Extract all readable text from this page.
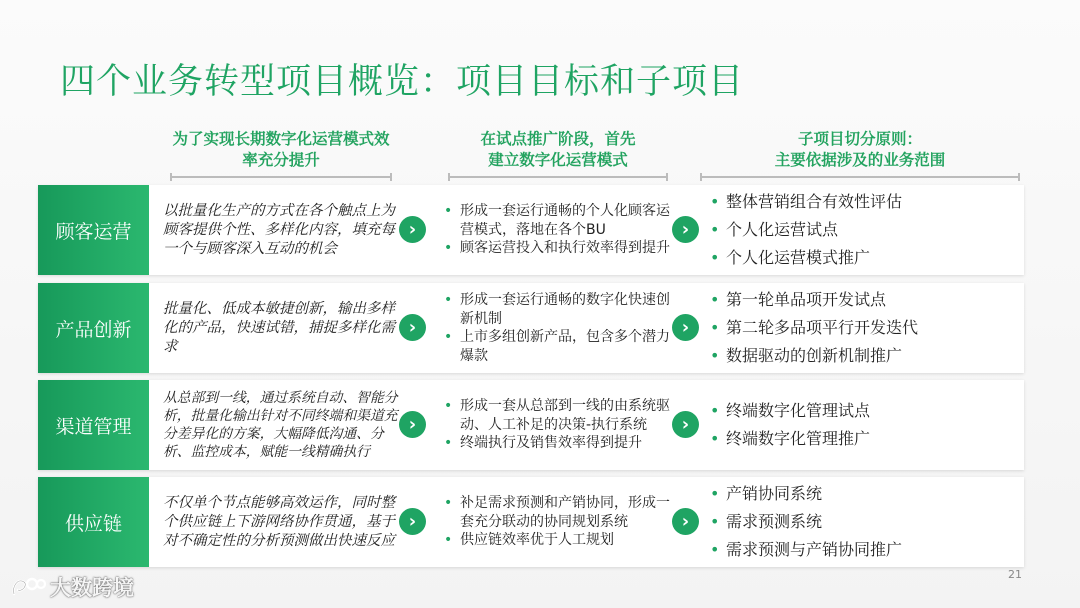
四个业务转型项目概览：项目目标和子项目
为了实现长期数字化运营模式效
率充分提升
在试点推广阶段，首先
建立数字化运营模式
子项目切分原则：
主要依据涉及的业务范围
顾客运营
以批量化生产的方式在各个触点上为顾客提供个性、多样化内容，填充每一个与顾客深入互动的机会
›
• 形成一套运行通畅的个人化顾客运营模式，落地在各个BU
• 顾客运营投入和执行效率得到提升
›
• 整体营销组合有效性评估
• 个人化运营试点
• 个人化运营模式推广
产品创新
批量化、低成本敏捷创新，输出多样化的产品，快速试错，捕捉多样化需求
›
• 形成一套运行通畅的数字化快速创新机制
• 上市多组创新产品，包含多个潜力爆款
›
• 第一轮单品项开发试点
• 第二轮多品项平行开发迭代
• 数据驱动的创新机制推广
渠道管理
从总部到一线，通过系统自动、智能分析，批量化输出针对不同终端和渠道充分差异化的方案，大幅降低沟通、分析、监控成本，赋能一线精确执行
›
• 形成一套从总部到一线的由系统驱动、人工补足的决策-执行系统
• 终端执行及销售效率得到提升
›
• 终端数字化管理试点
• 终端数字化管理推广
供应链
不仅单个节点能够高效运作，同时整个供应链上下游网络协作贯通，基于对不确定性的分析预测做出快速反应
›
• 补足需求预测和产销协同，形成一套充分联动的协同规划系统
• 供应链效率优于人工规划
›
• 产销协同系统
• 需求预测系统
• 需求预测与产销协同推广
21
大数跨境
